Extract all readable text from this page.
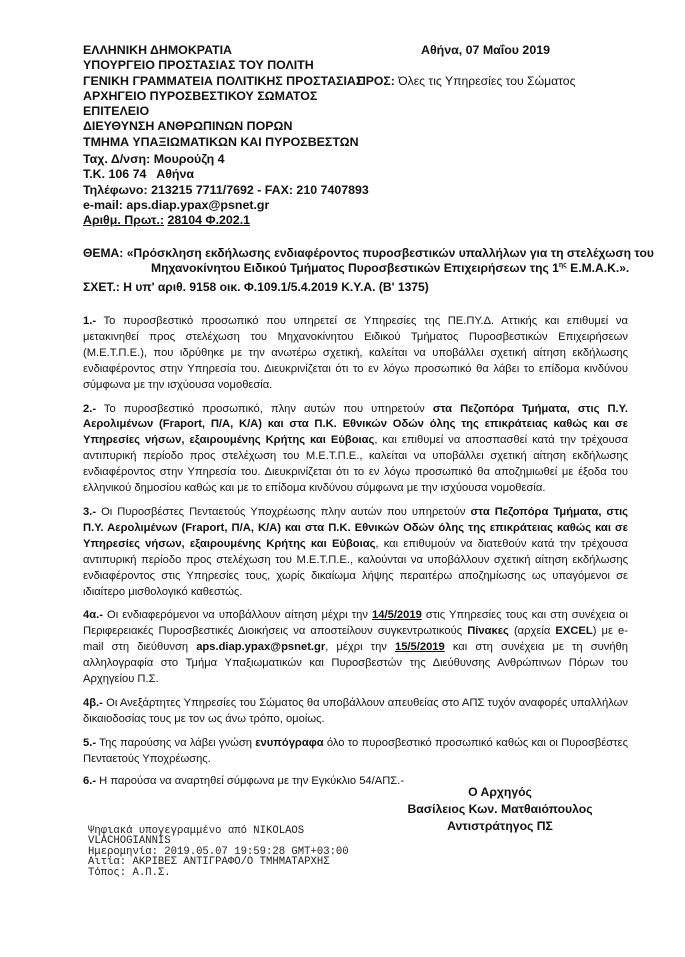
ΕΛΛΗΝΙΚΗ ΔΗΜΟΚΡΑΤΙΑ
ΥΠΟΥΡΓΕΙΟ ΠΡΟΣΤΑΣΙΑΣ ΤΟΥ ΠΟΛΙΤΗ
ΓΕΝΙΚΗ ΓΡΑΜΜΑΤΕΙΑ ΠΟΛΙΤΙΚΗΣ ΠΡΟΣΤΑΣΙΑΣ
ΑΡΧΗΓΕΙΟ ΠΥΡΟΣΒΕΣΤΙΚΟΥ ΣΩΜΑΤΟΣ
ΕΠΙΤΕΛΕΙΟ
ΔΙΕΥΘΥΝΣΗ ΑΝΘΡΩΠΙΝΩΝ ΠΟΡΩΝ
ΤΜΗΜΑ ΥΠΑΞΙΩΜΑΤΙΚΩΝ ΚΑΙ ΠΥΡΟΣΒΕΣΤΩΝ
Ταχ. Δ/νση: Μουρούζη 4
Τ.Κ. 106 74   Αθήνα
Τηλέφωνο: 213215 7711/7692 - FAX: 210 7407893
e-mail: aps.diap.ypax@psnet.gr
Αριθμ. Πρωτ.: 28104 Φ.202.1
Αθήνα, 07 Μαΐου 2019
ΠΡΟΣ: Όλες τις Υπηρεσίες του Σώματος
ΘΕΜΑ: «Πρόσκληση εκδήλωσης ενδιαφέροντος πυροσβεστικών υπαλλήλων για τη στελέχωση του
Μηχανοκίνητου Ειδικού Τμήματος Πυροσβεστικών Επιχειρήσεων της $1^{\eta\varsigma}$ Ε.Μ.Α.Κ.».
ΣΧΕΤ.: Η υπ' αριθ. 9158 οικ. Φ.109.1/5.4.2019 Κ.Υ.Α. (Β' 1375)

1.- Το πυροσβεστικό προσωπικό που υπηρετεί σε Υπηρεσίες της ΠΕ.ΠΥ.Δ. Αττικής και επιθυμεί να μετακινηθεί προς στελέχωση του Μηχανοκίνητου Ειδικού Τμήματος Πυροσβεστικών Επιχειρήσεων (Μ.Ε.Τ.Π.Ε.), που ιδρύθηκε με την ανωτέρω σχετική, καλείται να υποβάλλει σχετική αίτηση εκδήλωσης ενδιαφέροντος στην Υπηρεσία του. Διευκρινίζεται ότι το εν λόγω προσωπικό θα λάβει το επίδομα κινδύνου σύμφωνα με την ισχύουσα νομοθεσία.

2.- Το πυροσβεστικό προσωπικό, πλην αυτών που υπηρετούν στα Πεζοπόρα Τμήματα, στις Π.Υ. Αερολιμένων (Fraport, Π/Α, Κ/Α) και στα Π.Κ. Εθνικών Οδών όλης της επικράτειας καθώς και σε Υπηρεσίες νήσων, εξαιρουμένης Κρήτης και Εύβοιας, και επιθυμεί να αποσπασθεί κατά την τρέχουσα αντιπυρική περίοδο προς στελέχωση του Μ.Ε.Τ.Π.Ε., καλείται να υποβάλλει σχετική αίτηση εκδήλωσης ενδιαφέροντος στην Υπηρεσία του. Διευκρινίζεται ότι το εν λόγω προσωπικό θα αποζημιωθεί με έξοδα του ελληνικού δημοσίου καθώς και με το επίδομα κινδύνου σύμφωνα με την ισχύουσα νομοθεσία.

3.- Οι Πυροσβέστες Πενταετούς Υποχρέωσης πλην αυτών που υπηρετούν στα Πεζοπόρα Τμήματα, στις Π.Υ. Αερολιμένων (Fraport, Π/Α, Κ/Α) και στα Π.Κ. Εθνικών Οδών όλης της επικράτειας καθώς και σε Υπηρεσίες νήσων, εξαιρουμένης Κρήτης και Εύβοιας, και επιθυμούν να διατεθούν κατά την τρέχουσα αντιπυρική περίοδο προς στελέχωση του Μ.Ε.Τ.Π.Ε., καλούνται να υποβάλλουν σχετική αίτηση εκδήλωσης ενδιαφέροντος στις Υπηρεσίες τους, χωρίς δικαίωμα λήψης περαιτέρω αποζημίωσης ως υπαγόμενοι σε ιδιαίτερο μισθολογικό καθεστώς.

4α.- Οι ενδιαφερόμενοι να υποβάλλουν αίτηση μέχρι την 14/5/2019 στις Υπηρεσίες τους και στη συνέχεια οι Περιφερειακές Πυροσβεστικές Διοικήσεις να αποστείλουν συγκεντρωτικούς Πίνακες (αρχεία EXCEL) με e-mail στη διεύθυνση aps.diap.ypax@psnet.gr, μέχρι την 15/5/2019 και στη συνέχεια με τη συνήθη αλληλογραφία στο Τμήμα Υπαξιωματικών και Πυροσβεστών της Διεύθυνσης Ανθρώπινων Πόρων του Αρχηγείου Π.Σ.

4β.- Οι Ανεξάρτητες Υπηρεσίες του Σώματος θα υποβάλλουν απευθείας στο ΑΠΣ τυχόν αναφορές υπαλλήλων δικαιοδοσίας τους με τον ως άνω τρόπο, ομοίως.

5.- Της παρούσης να λάβει γνώση ενυπόγραφα όλο το πυροσβεστικό προσωπικό καθώς και οι Πυροσβέστες Πενταετούς Υποχρέωσης.

6.- Η παρούσα να αναρτηθεί σύμφωνα με την Εγκύκλιο 54/ΑΠΣ.-

Ο Αρχηγός
Βασίλειος Κων. Ματθαιόπουλος
Αντιστράτηγος ΠΣ
Ψηφιακά υπογεγραμμένο από NIKOLAOS
VLACHOGIANNIS
Ημερομηνία: 2019.05.07 19:59:28 GMT+03:00
Αιτία: ΑΚΡΙΒΕΣ ΑΝΤΙΓΡΑΦΟ/Ο ΤΜΗΜΑΤΑΡΧΗΣ
Τόπος: Α.Π.Σ.
